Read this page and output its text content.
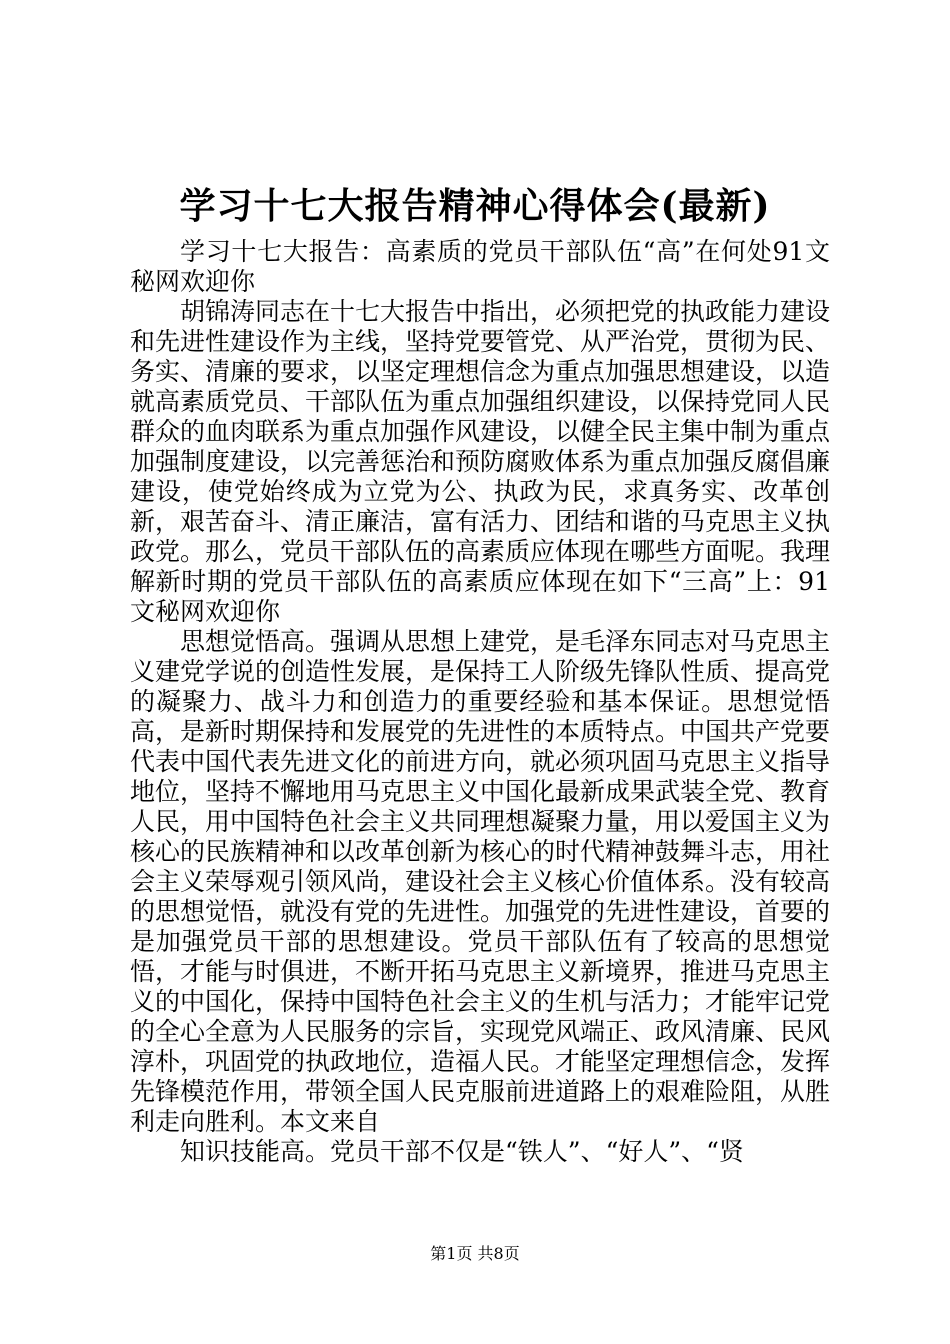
学习十七大报告精神心得体会(最新)

学习十七大报告：高素质的党员干部队伍“高”在何处91文秘网欢迎你

胡锦涛同志在十七大报告中指出，必须把党的执政能力建设和先进性建设作为主线，坚持党要管党、从严治党，贯彻为民、务实、清廉的要求，以坚定理想信念为重点加强思想建设，以造就高素质党员、干部队伍为重点加强组织建设，以保持党同人民群众的血肉联系为重点加强作风建设，以健全民主集中制为重点加强制度建设，以完善惩治和预防腐败体系为重点加强反腐倡廉建设，使党始终成为立党为公、执政为民，求真务实、改革创新，艰苦奋斗、清正廉洁，富有活力、团结和谐的马克思主义执政党。那么，党员干部队伍的高素质应体现在哪些方面呢。我理解新时期的党员干部队伍的高素质应体现在如下“三高”上：91文秘网欢迎你

思想觉悟高。强调从思想上建党，是毛泽东同志对马克思主义建党学说的创造性发展，是保持工人阶级先锋队性质、提高党的凝聚力、战斗力和创造力的重要经验和基本保证。思想觉悟高，是新时期保持和发展党的先进性的本质特点。中国共产党要代表中国代表先进文化的前进方向，就必须巩固马克思主义指导地位，坚持不懈地用马克思主义中国化最新成果武装全党、教育人民，用中国特色社会主义共同理想凝聚力量，用以爱国主义为核心的民族精神和以改革创新为核心的时代精神鼓舞斗志，用社会主义荣辱观引领风尚，建设社会主义核心价值体系。没有较高的思想觉悟，就没有党的先进性。加强党的先进性建设，首要的是加强党员干部的思想建设。党员干部队伍有了较高的思想觉悟，才能与时俱进，不断开拓马克思主义新境界，推进马克思主义的中国化，保持中国特色社会主义的生机与活力；才能牢记党的全心全意为人民服务的宗旨，实现党风端正、政风清廉、民风淳朴，巩固党的执政地位，造福人民。才能坚定理想信念，发挥先锋模范作用，带领全国人民克服前进道路上的艰难险阻，从胜利走向胜利。本文来自

知识技能高。党员干部不仅是“铁人”、“好人”、“贤

第1页 共8页
